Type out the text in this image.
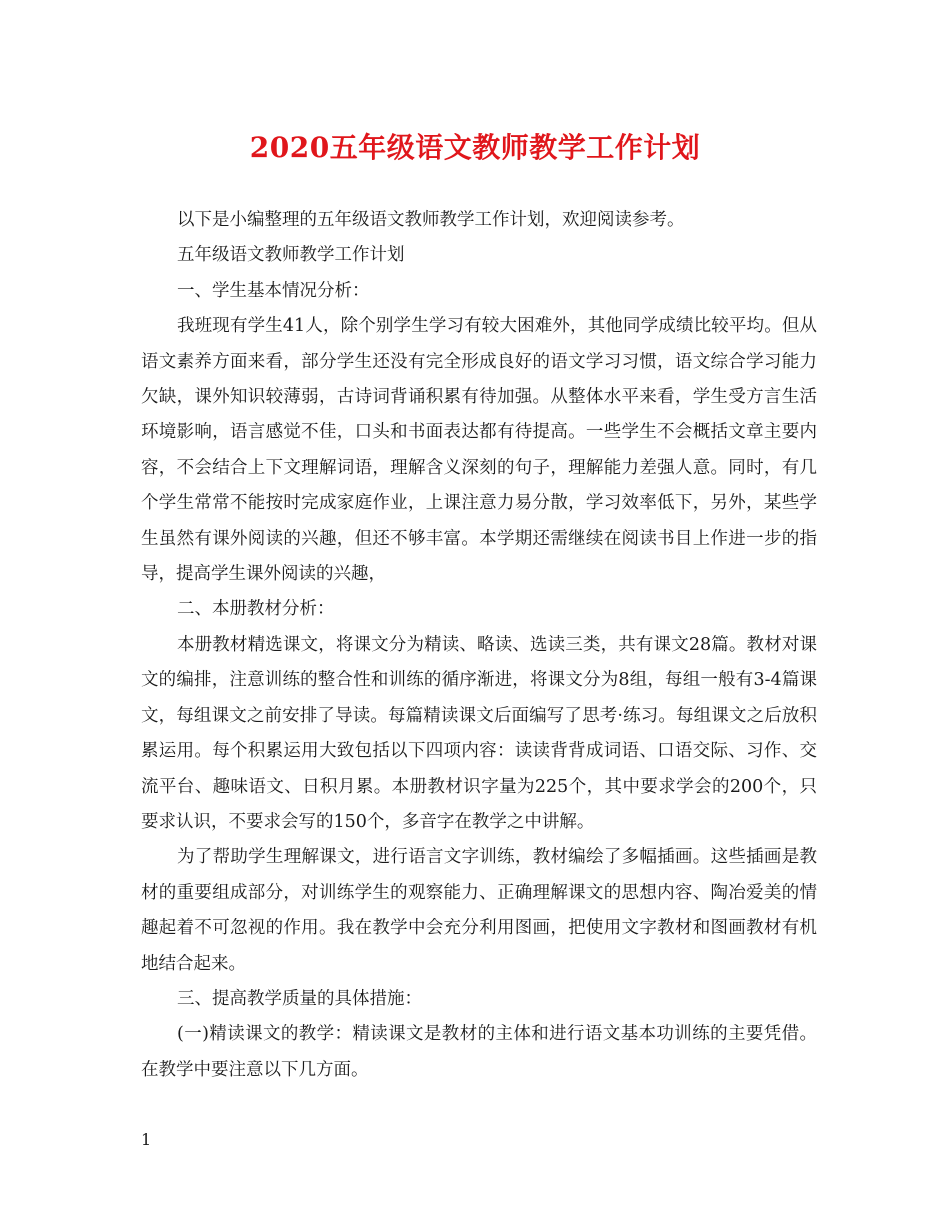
2020五年级语文教师教学工作计划

以下是小编整理的五年级语文教师教学工作计划，欢迎阅读参考。

五年级语文教师教学工作计划

一、学生基本情况分析：

我班现有学生41人，除个别学生学习有较大困难外，其他同学成绩比较平均。但从语文素养方面来看，部分学生还没有完全形成良好的语文学习习惯，语文综合学习能力欠缺，课外知识较薄弱，古诗词背诵积累有待加强。从整体水平来看，学生受方言生活环境影响，语言感觉不佳，口头和书面表达都有待提高。一些学生不会概括文章主要内容，不会结合上下文理解词语，理解含义深刻的句子，理解能力差强人意。同时，有几个学生常常不能按时完成家庭作业，上课注意力易分散，学习效率低下，另外，某些学生虽然有课外阅读的兴趣，但还不够丰富。本学期还需继续在阅读书目上作进一步的指导，提高学生课外阅读的兴趣，

二、本册教材分析：

本册教材精选课文，将课文分为精读、略读、选读三类，共有课文28篇。教材对课文的编排，注意训练的整合性和训练的循序渐进，将课文分为8组，每组一般有3-4篇课文，每组课文之前安排了导读。每篇精读课文后面编写了思考·练习。每组课文之后放积累运用。每个积累运用大致包括以下四项内容：读读背背成词语、口语交际、习作、交流平台、趣味语文、日积月累。本册教材识字量为225个，其中要求学会的200个，只要求认识，不要求会写的150个，多音字在教学之中讲解。

为了帮助学生理解课文，进行语言文字训练，教材编绘了多幅插画。这些插画是教材的重要组成部分，对训练学生的观察能力、正确理解课文的思想内容、陶冶爱美的情趣起着不可忽视的作用。我在教学中会充分利用图画，把使用文字教材和图画教材有机地结合起来。

三、提高教学质量的具体措施：

(一)精读课文的教学：精读课文是教材的主体和进行语文基本功训练的主要凭借。在教学中要注意以下几方面。

1
